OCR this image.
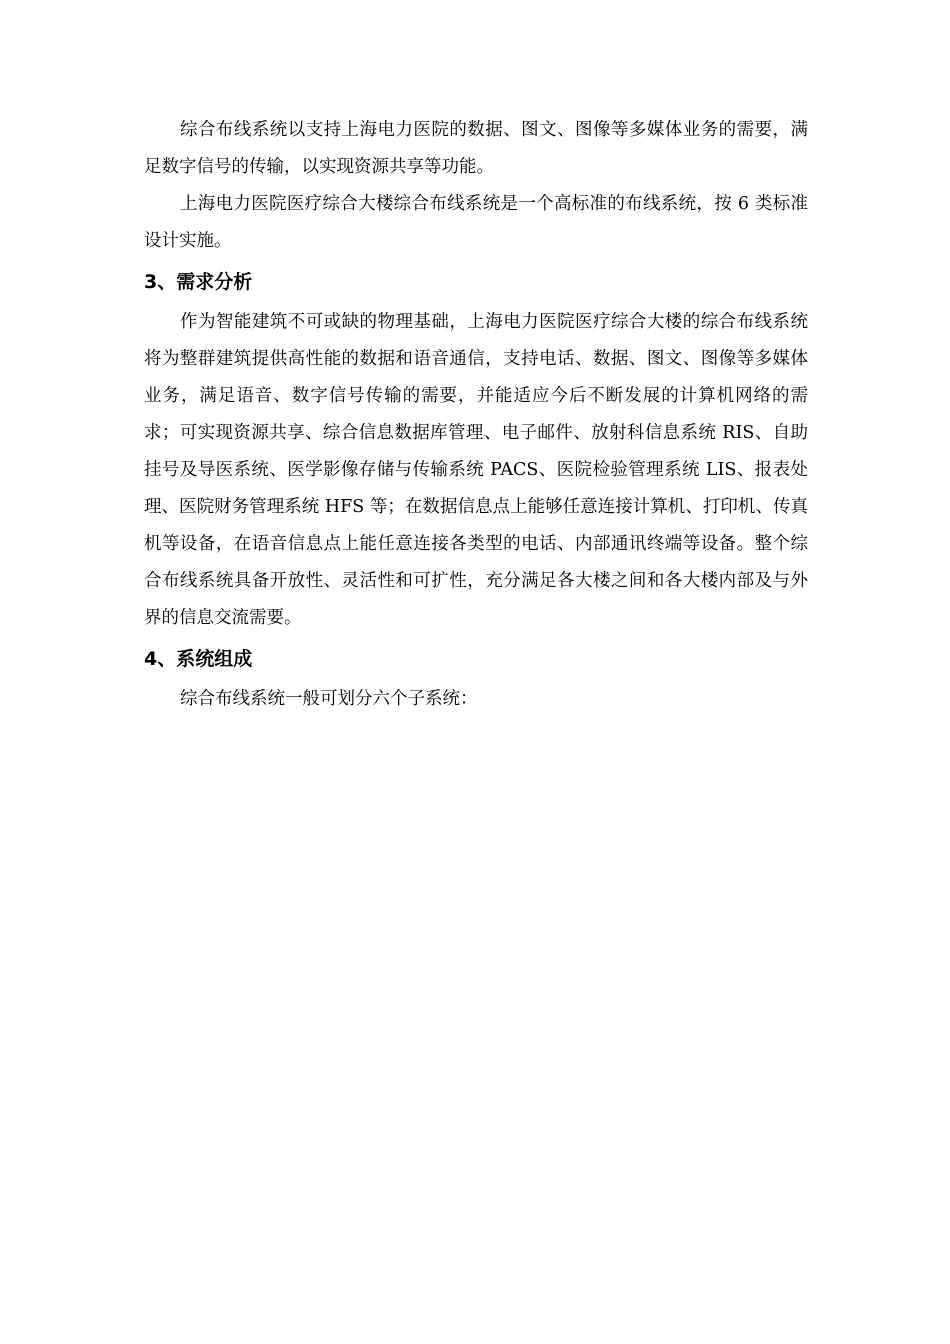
综合布线系统以支持上海电力医院的数据、图文、图像等多媒体业务的需要，满足数字信号的传输，以实现资源共享等功能。

上海电力医院医疗综合大楼综合布线系统是一个高标准的布线系统，按 6 类标准设计实施。

3、需求分析

作为智能建筑不可或缺的物理基础，上海电力医院医疗综合大楼的综合布线系统将为整群建筑提供高性能的数据和语音通信，支持电话、数据、图文、图像等多媒体业务，满足语音、数字信号传输的需要，并能适应今后不断发展的计算机网络的需求；可实现资源共享、综合信息数据库管理、电子邮件、放射科信息系统 RIS、自助挂号及导医系统、医学影像存储与传输系统 PACS、医院检验管理系统 LIS、报表处理、医院财务管理系统 HFS 等；在数据信息点上能够任意连接计算机、打印机、传真机等设备，在语音信息点上能任意连接各类型的电话、内部通讯终端等设备。整个综合布线系统具备开放性、灵活性和可扩性，充分满足各大楼之间和各大楼内部及与外界的信息交流需要。

4、系统组成

综合布线系统一般可划分六个子系统：
